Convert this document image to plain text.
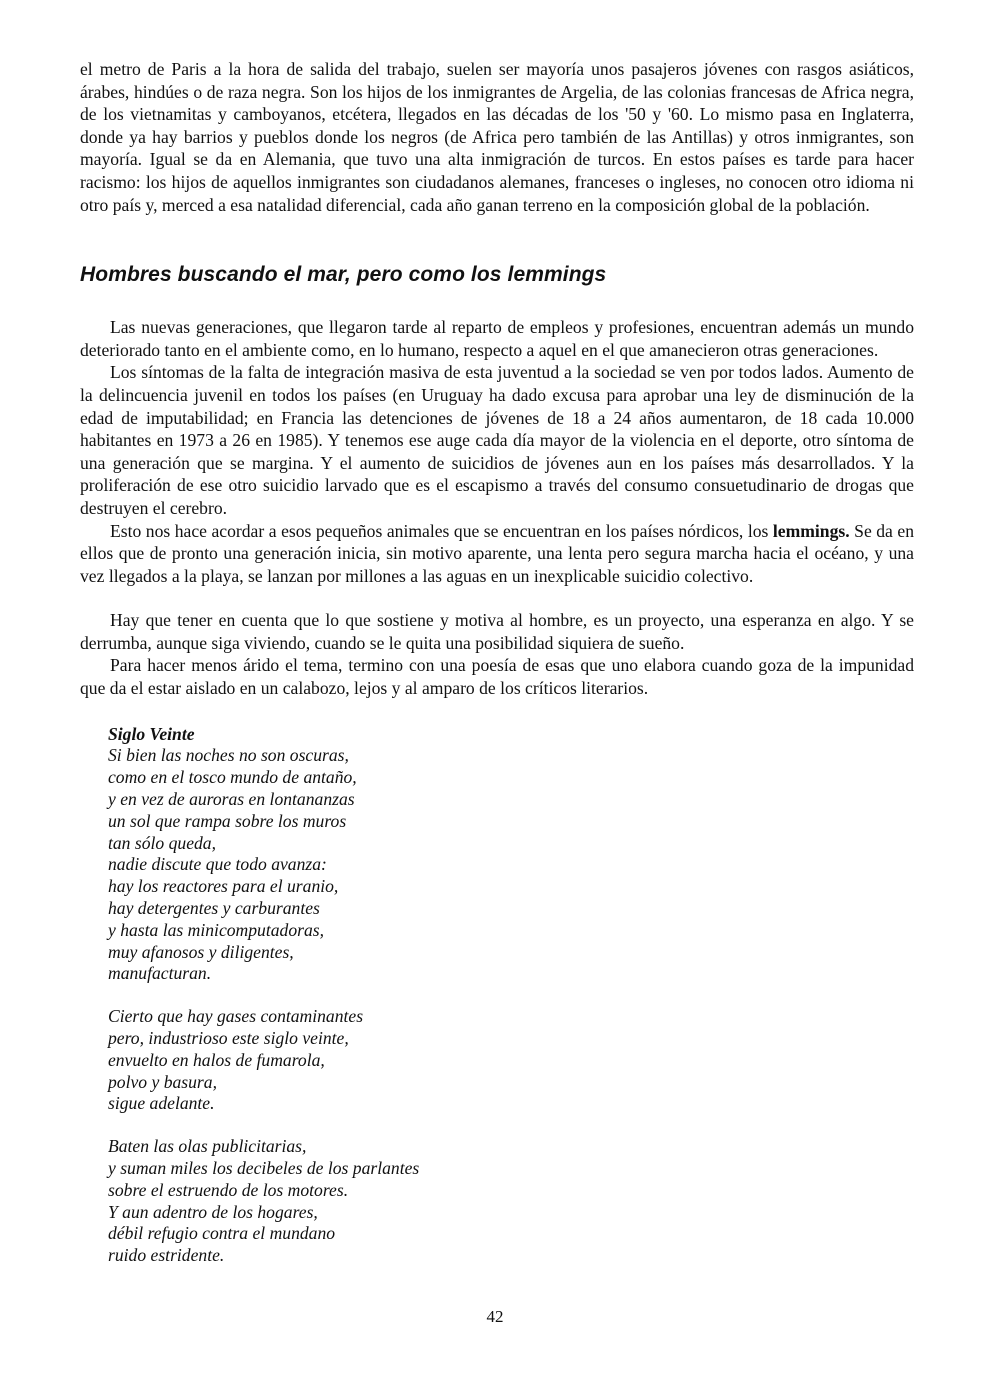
el metro de Paris a la hora de salida del trabajo, suelen ser mayoría unos pasajeros jóvenes con rasgos asiáticos, árabes, hindúes o de raza negra. Son los hijos de los inmigrantes de Argelia, de las colonias francesas de Africa negra, de los vietnamitas y camboyanos, etcétera, llegados en las décadas de los '50 y '60. Lo mismo pasa en Inglaterra, donde ya hay barrios y pueblos donde los negros (de Africa pero también de las Antillas) y otros inmigrantes, son mayoría. Igual se da en Alemania, que tuvo una alta inmigración de turcos. En estos países es tarde para hacer racismo: los hijos de aquellos inmigrantes son ciudadanos alemanes, franceses o ingleses, no conocen otro idioma ni otro país y, merced a esa natalidad diferencial, cada año ganan terreno en la composición global de la población.

Hombres buscando el mar, pero como los lemmings

Las nuevas generaciones, que llegaron tarde al reparto de empleos y profesiones, encuentran además un mundo deteriorado tanto en el ambiente como, en lo humano, respecto a aquel en el que amanecieron otras generaciones.

Los síntomas de la falta de integración masiva de esta juventud a la sociedad se ven por todos lados. Aumento de la delincuencia juvenil en todos los países (en Uruguay ha dado excusa para aprobar una ley de disminución de la edad de imputabilidad; en Francia las detenciones de jóvenes de 18 a 24 años aumentaron, de 18 cada 10.000 habitantes en 1973 a 26 en 1985). Y tenemos ese auge cada día mayor de la violencia en el deporte, otro síntoma de una generación que se margina. Y el aumento de suicidios de jóvenes aun en los países más desarrollados. Y la proliferación de ese otro suicidio larvado que es el escapismo a través del consumo consuetudinario de drogas que destruyen el cerebro.

Esto nos hace acordar a esos pequeños animales que se encuentran en los países nórdicos, los lemmings. Se da en ellos que de pronto una generación inicia, sin motivo aparente, una lenta pero segura marcha hacia el océano, y una vez llegados a la playa, se lanzan por millones a las aguas en un inexplicable suicidio colectivo.

Hay que tener en cuenta que lo que sostiene y motiva al hombre, es un proyecto, una esperanza en algo. Y se derrumba, aunque siga viviendo, cuando se le quita una posibilidad siquiera de sueño.

Para hacer menos árido el tema, termino con una poesía de esas que uno elabora cuando goza de la impunidad que da el estar aislado en un calabozo, lejos y al amparo de los críticos literarios.

Siglo Veinte
Si bien las noches no son oscuras,
como en el tosco mundo de antaño,
y en vez de auroras en lontananzas
un sol que rampa sobre los muros
tan sólo queda,
nadie discute que todo avanza:
hay los reactores para el uranio,
hay detergentes y carburantes
y hasta las minicomputadoras,
muy afanosos y diligentes,
manufacturan.
Cierto que hay gases contaminantes
pero, industrioso este siglo veinte,
envuelto en halos de fumarola,
polvo y basura,
sigue adelante.
Baten las olas publicitarias,
y suman miles los decibeles de los parlantes
sobre el estruendo de los motores.
Y aun adentro de los hogares,
débil refugio contra el mundano
ruido estridente.
42
